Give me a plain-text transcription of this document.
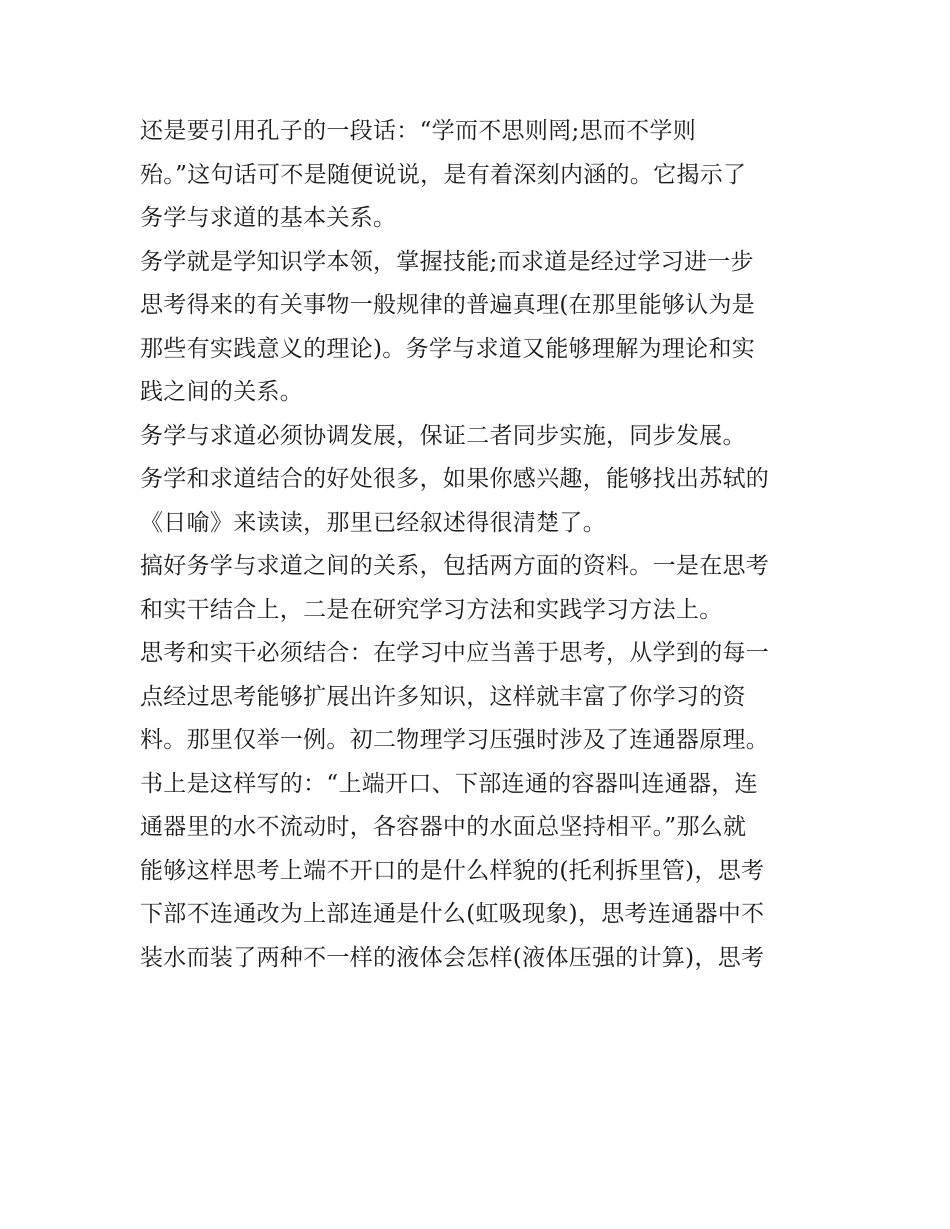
还是要引用孔子的一段话：“学而不思则罔;思而不学则
殆。”这句话可不是随便说说，是有着深刻内涵的。它揭示了
务学与求道的基本关系。
务学就是学知识学本领，掌握技能;而求道是经过学习进一步
思考得来的有关事物一般规律的普遍真理(在那里能够认为是
那些有实践意义的理论)。务学与求道又能够理解为理论和实
践之间的关系。
务学与求道必须协调发展，保证二者同步实施，同步发展。
务学和求道结合的好处很多，如果你感兴趣，能够找出苏轼的
《日喻》来读读，那里已经叙述得很清楚了。
搞好务学与求道之间的关系，包括两方面的资料。一是在思考
和实干结合上，二是在研究学习方法和实践学习方法上。
思考和实干必须结合：在学习中应当善于思考，从学到的每一
点经过思考能够扩展出许多知识，这样就丰富了你学习的资
料。那里仅举一例。初二物理学习压强时涉及了连通器原理。
书上是这样写的：“上端开口、下部连通的容器叫连通器，连
通器里的水不流动时，各容器中的水面总坚持相平。”那么就
能够这样思考上端不开口的是什么样貌的(托利拆里管)，思考
下部不连通改为上部连通是什么(虹吸现象)，思考连通器中不
装水而装了两种不一样的液体会怎样(液体压强的计算)，思考
